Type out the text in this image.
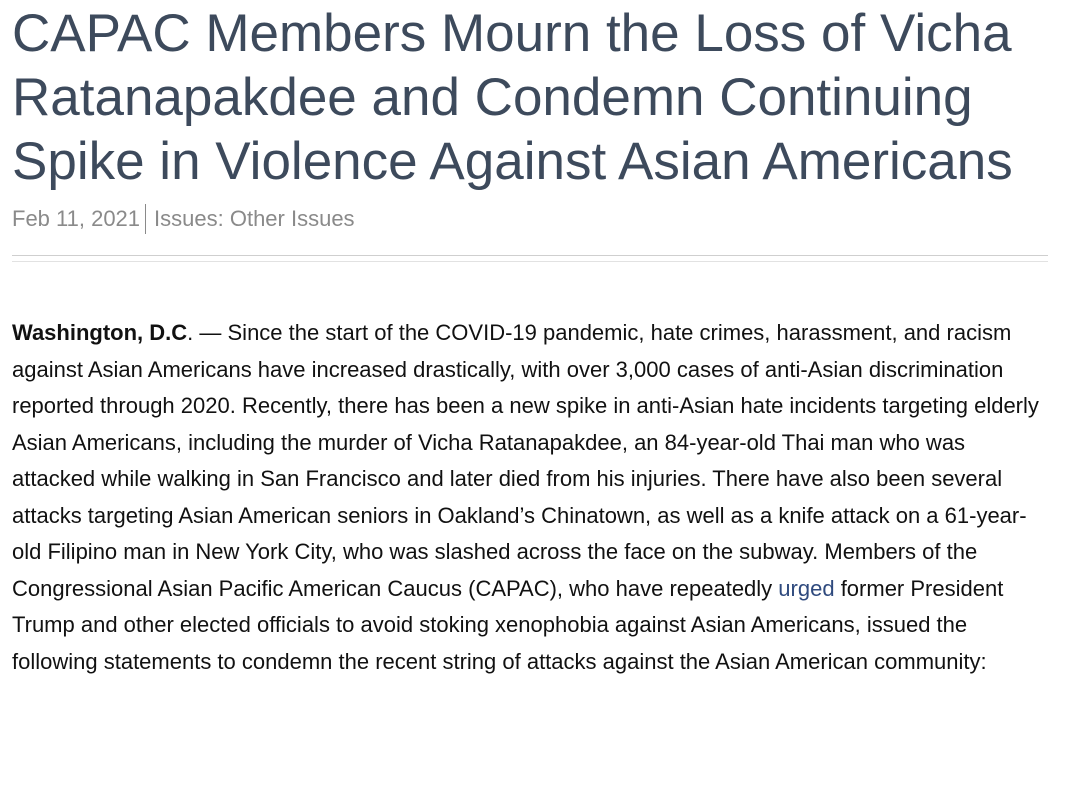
CAPAC Members Mourn the Loss of Vicha Ratanapakdee and Condemn Continuing Spike in Violence Against Asian Americans
Feb 11, 2021 Issues: Other Issues

Washington, D.C. — Since the start of the COVID-19 pandemic, hate crimes, harassment, and racism against Asian Americans have increased drastically, with over 3,000 cases of anti-Asian discrimination reported through 2020. Recently, there has been a new spike in anti-Asian hate incidents targeting elderly Asian Americans, including the murder of Vicha Ratanapakdee, an 84-year-old Thai man who was attacked while walking in San Francisco and later died from his injuries. There have also been several attacks targeting Asian American seniors in Oakland’s Chinatown, as well as a knife attack on a 61-year-old Filipino man in New York City, who was slashed across the face on the subway. Members of the Congressional Asian Pacific American Caucus (CAPAC), who have repeatedly urged former President Trump and other elected officials to avoid stoking xenophobia against Asian Americans, issued the following statements to condemn the recent string of attacks against the Asian American community:
